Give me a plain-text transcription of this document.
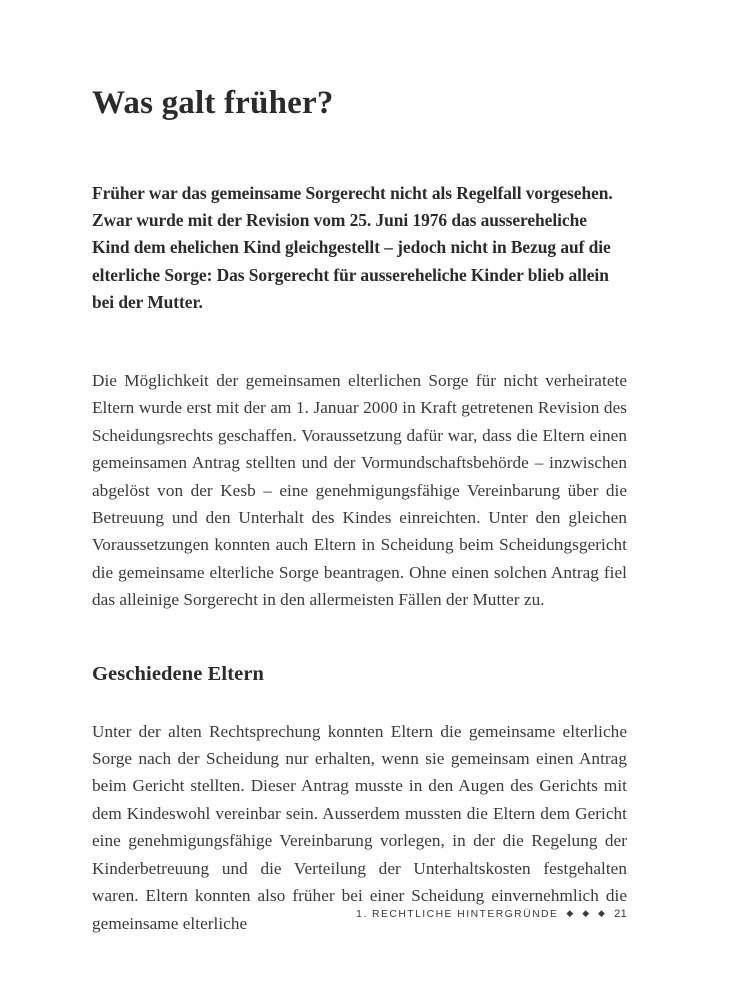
Was galt früher?

Früher war das gemeinsame Sorgerecht nicht als Regelfall vorgesehen. Zwar wurde mit der Revision vom 25. Juni 1976 das aussereheliche Kind dem ehelichen Kind gleichgestellt – jedoch nicht in Bezug auf die elterliche Sorge: Das Sorgerecht für aussereheliche Kinder blieb allein bei der Mutter.

Die Möglichkeit der gemeinsamen elterlichen Sorge für nicht verheiratete Eltern wurde erst mit der am 1. Januar 2000 in Kraft getretenen Revision des Scheidungsrechts geschaffen. Voraussetzung dafür war, dass die Eltern einen gemeinsamen Antrag stellten und der Vormundschaftsbehörde – inzwischen abgelöst von der Kesb – eine genehmigungsfähige Vereinbarung über die Betreuung und den Unterhalt des Kindes einreichten. Unter den gleichen Voraussetzungen konnten auch Eltern in Scheidung beim Scheidungsgericht die gemeinsame elterliche Sorge beantragen. Ohne einen solchen Antrag fiel das alleinige Sorgerecht in den allermeisten Fällen der Mutter zu.

Geschiedene Eltern

Unter der alten Rechtsprechung konnten Eltern die gemeinsame elterliche Sorge nach der Scheidung nur erhalten, wenn sie gemeinsam einen Antrag beim Gericht stellten. Dieser Antrag musste in den Augen des Gerichts mit dem Kindeswohl vereinbar sein. Ausserdem mussten die Eltern dem Gericht eine genehmigungsfähige Vereinbarung vorlegen, in der die Regelung der Kinderbetreuung und die Verteilung der Unterhaltskosten festgehalten waren. Eltern konnten also früher bei einer Scheidung einvernehmlich die gemeinsame elterliche	1. RECHTLICHE HINTERGRÜNDE ◆ ◆ ◆ 21
